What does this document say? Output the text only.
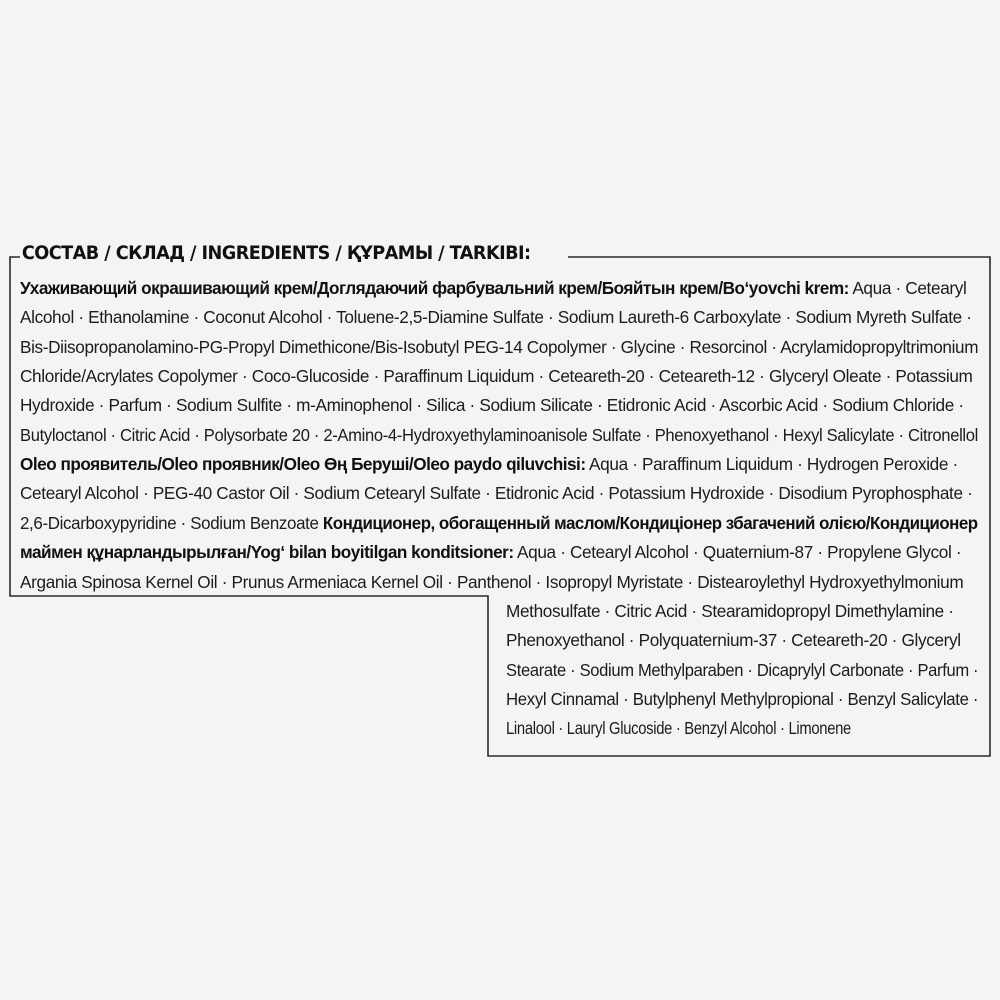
СОСТАВ / СКЛАД / INGREDIENTS / ҚҰРАМЫ / TARKIBI:
Ухаживающий окрашивающий крем/Доглядаючий фарбувальний крем/Бояйтын крем/Bo‘yovchi krem: Aqua · Cetearyl
Alcohol · Ethanolamine · Coconut Alcohol · Toluene-2,5-Diamine Sulfate · Sodium Laureth-6 Carboxylate · Sodium Myreth Sulfate ·
Bis-Diisopropanolamino-PG-Propyl Dimethicone/Bis-Isobutyl PEG-14 Copolymer · Glycine · Resorcinol · Acrylamidopropyltrimonium
Chloride/Acrylates Copolymer · Coco-Glucoside · Paraffinum Liquidum · Ceteareth-20 · Ceteareth-12 · Glyceryl Oleate · Potassium
Hydroxide · Parfum · Sodium Sulfite · m-Aminophenol · Silica · Sodium Silicate · Etidronic Acid · Ascorbic Acid · Sodium Chloride ·
Butyloctanol · Citric Acid · Polysorbate 20 · 2-Amino-4-Hydroxyethylaminoanisole Sulfate · Phenoxyethanol · Hexyl Salicylate · Citronellol
Oleo проявитель/Oleo проявник/Oleo Өң Беруші/Oleo paydo qiluvchisi: Aqua · Paraffinum Liquidum · Hydrogen Peroxide ·
Cetearyl Alcohol · PEG-40 Castor Oil · Sodium Cetearyl Sulfate · Etidronic Acid · Potassium Hydroxide · Disodium Pyrophosphate ·
2,6-Dicarboxypyridine · Sodium Benzoate Кондиционер, обогащенный маслом/Кондиціонер збагачений олією/Кондиционер
маймен құнарландырылған/Yog‘ bilan boyitilgan konditsioner: Aqua · Cetearyl Alcohol · Quaternium-87 · Propylene Glycol ·
Argania Spinosa Kernel Oil · Prunus Armeniaca Kernel Oil · Panthenol · Isopropyl Myristate · Distearoylethyl Hydroxyethylmonium
Methosulfate · Citric Acid · Stearamidopropyl Dimethylamine ·
Phenoxyethanol · Polyquaternium-37 · Ceteareth-20 · Glyceryl
Stearate · Sodium Methylparaben · Dicaprylyl Carbonate · Parfum ·
Hexyl Cinnamal · Butylphenyl Methylpropional · Benzyl Salicylate ·
Linalool · Lauryl Glucoside · Benzyl Alcohol · Limonene
